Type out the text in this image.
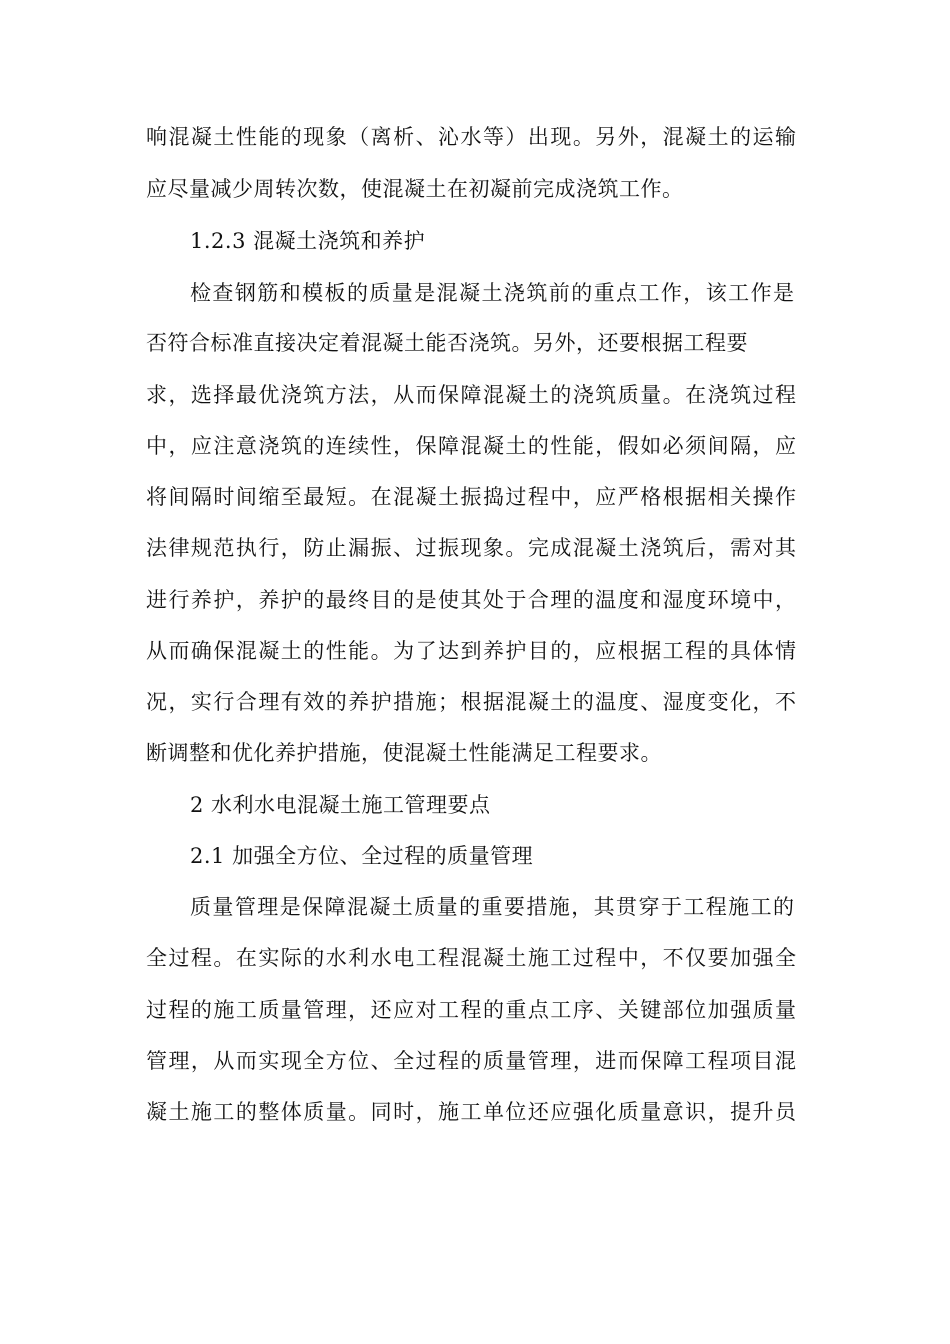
响混凝土性能的现象（离析、沁水等）出现。另外，混凝土的运输
应尽量减少周转次数，使混凝土在初凝前完成浇筑工作。
1.2.3 混凝土浇筑和养护
检查钢筋和模板的质量是混凝土浇筑前的重点工作，该工作是
否符合标准直接决定着混凝土能否浇筑。另外，还要根据工程要
求，选择最优浇筑方法，从而保障混凝土的浇筑质量。在浇筑过程
中，应注意浇筑的连续性，保障混凝土的性能，假如必须间隔，应
将间隔时间缩至最短。在混凝土振捣过程中，应严格根据相关操作
法律规范执行，防止漏振、过振现象。完成混凝土浇筑后，需对其
进行养护，养护的最终目的是使其处于合理的温度和湿度环境中，
从而确保混凝土的性能。为了达到养护目的，应根据工程的具体情
况，实行合理有效的养护措施；根据混凝土的温度、湿度变化，不
断调整和优化养护措施，使混凝土性能满足工程要求。
2 水利水电混凝土施工管理要点
2.1 加强全方位、全过程的质量管理
质量管理是保障混凝土质量的重要措施，其贯穿于工程施工的
全过程。在实际的水利水电工程混凝土施工过程中，不仅要加强全
过程的施工质量管理，还应对工程的重点工序、关键部位加强质量
管理，从而实现全方位、全过程的质量管理，进而保障工程项目混
凝土施工的整体质量。同时，施工单位还应强化质量意识，提升员
